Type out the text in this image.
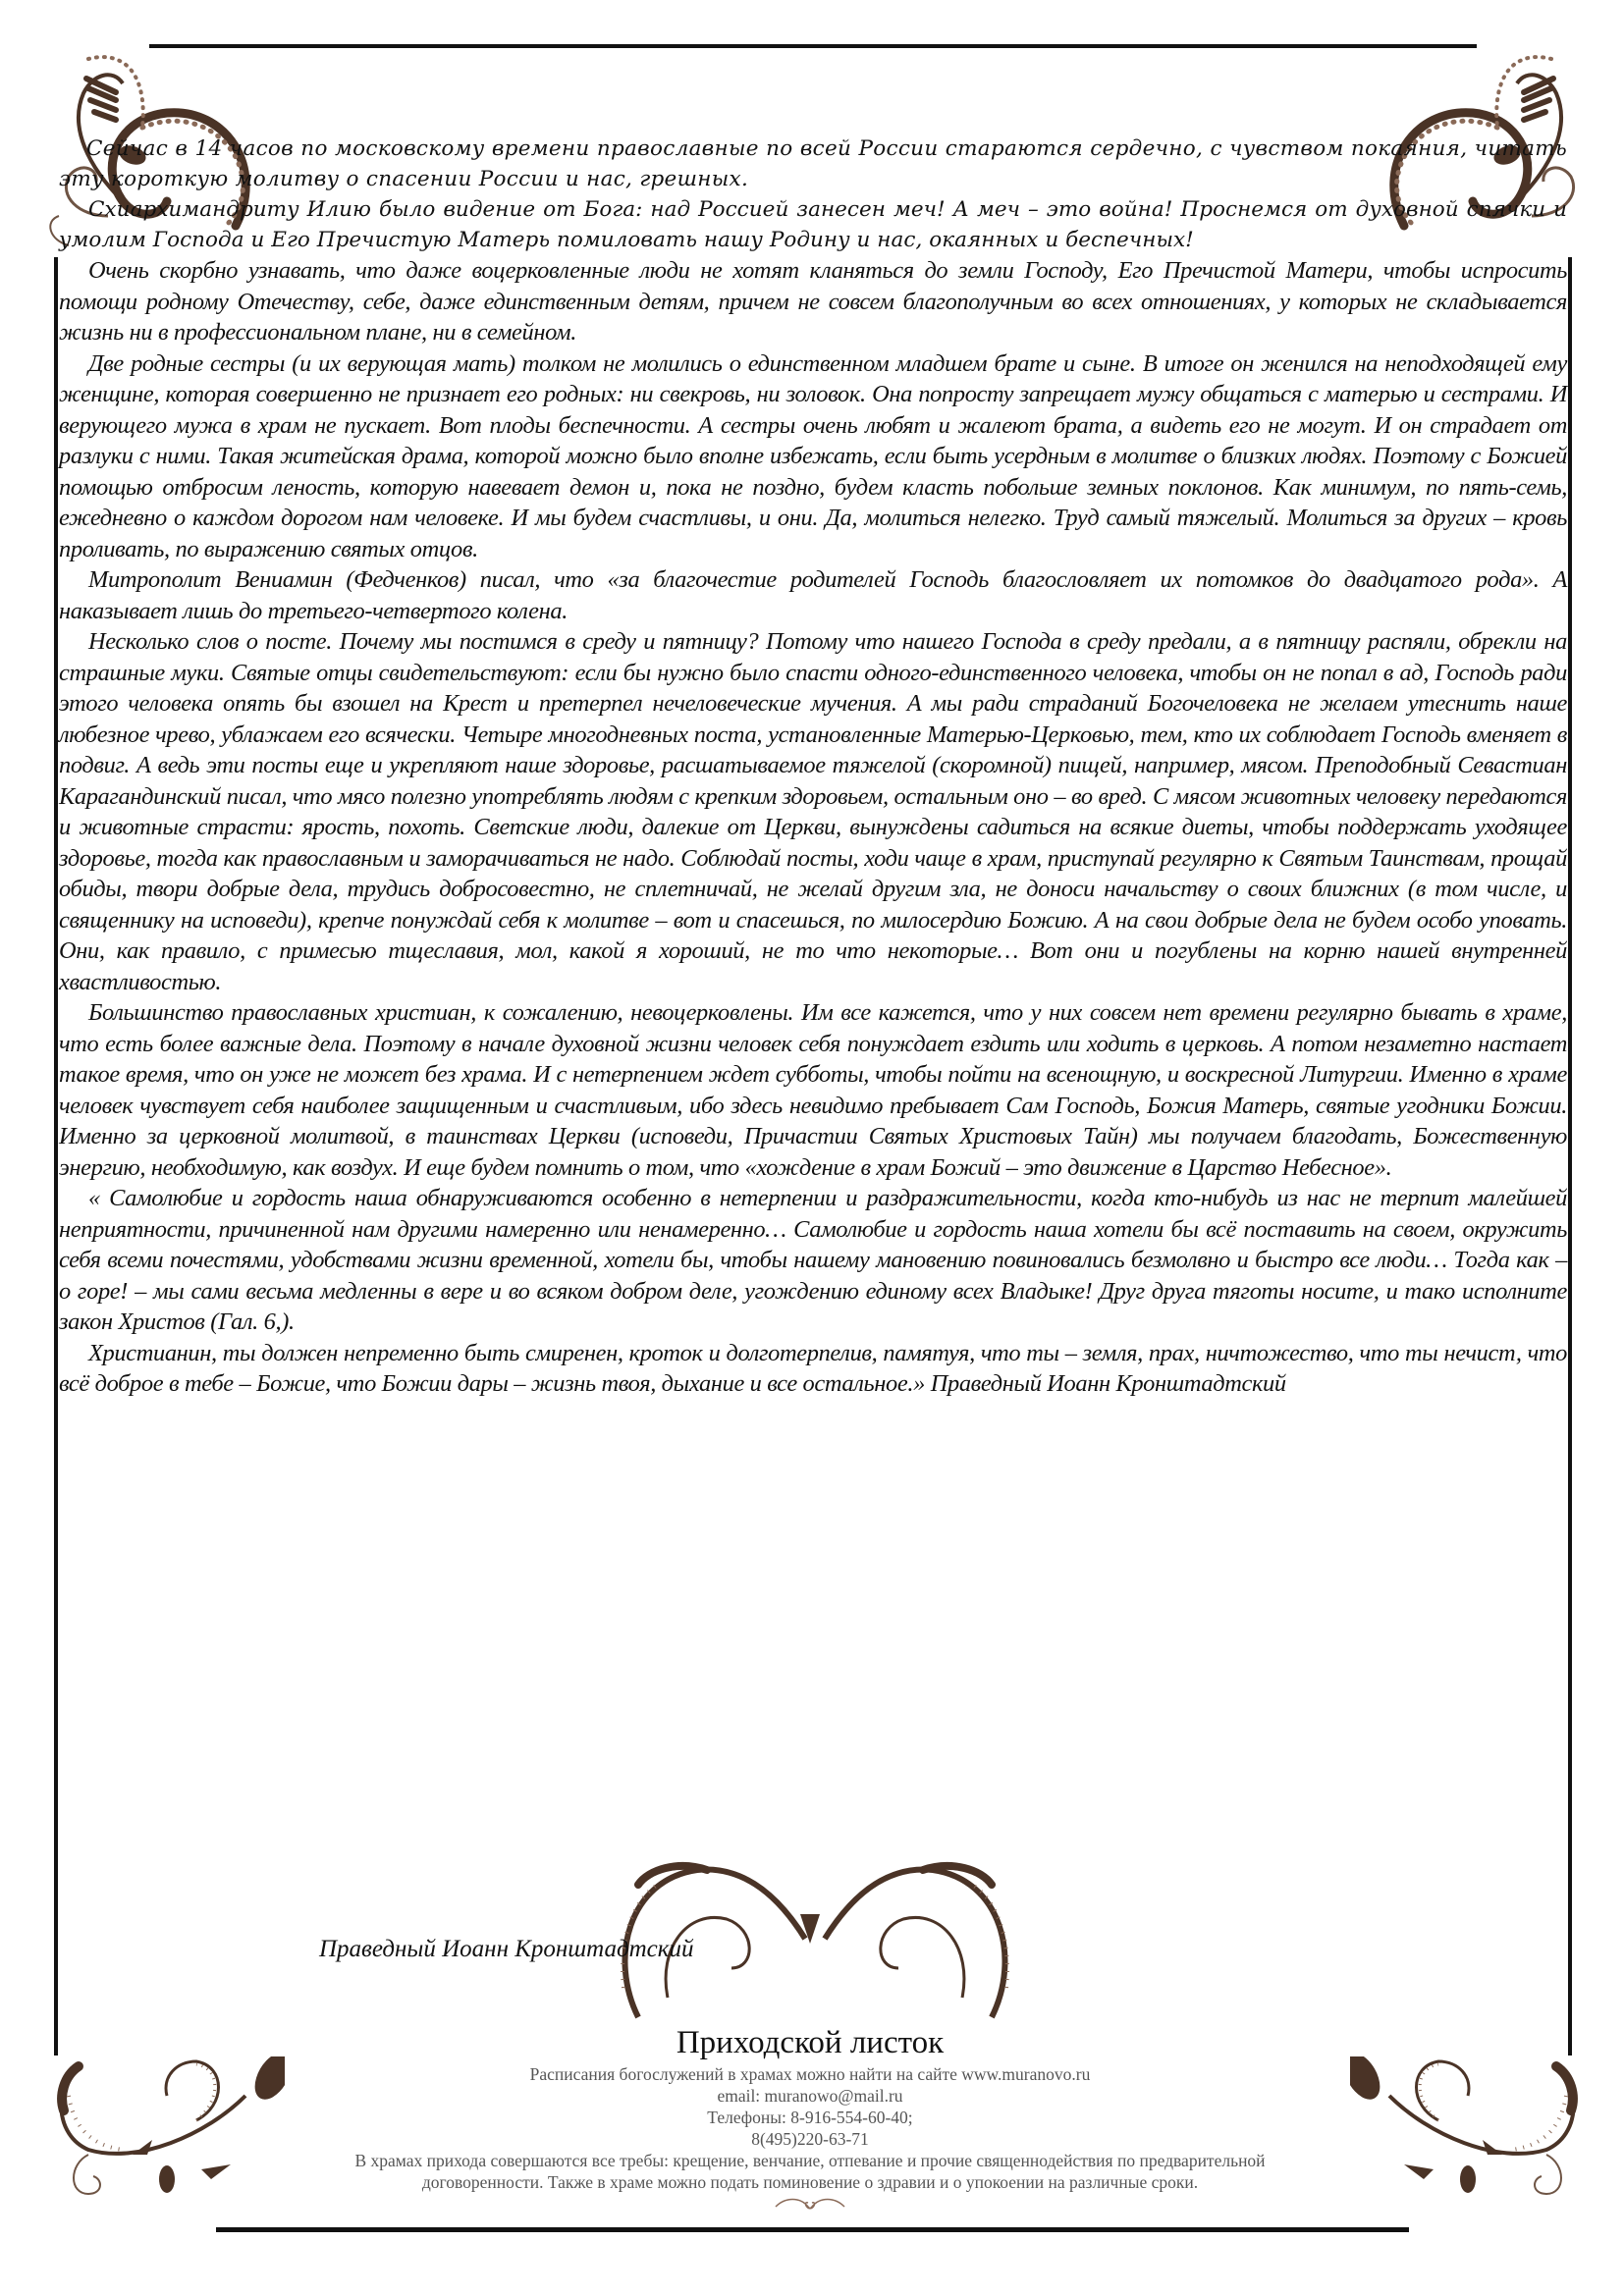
Сейчас в 14 часов по московскому времени православные по всей России стараются сердечно, с чувством покаяния, читать эту короткую молитву о спасении России и нас, грешных.

Схиархимандриту Илию было видение от Бога: над Россией занесен меч! А меч – это война! Проснемся от духовной спячки и умолим Господа и Его Пречистую Матерь помиловать нашу Родину и нас, окаянных и беспечных!

Очень скорбно узнавать, что даже воцерковленные люди не хотят кланяться до земли Господу, Его Пречистой Матери, чтобы испросить помощи родному Отечеству, себе, даже единственным детям, причем не совсем благополучным во всех отношениях, у которых не складывается жизнь ни в профессиональном плане, ни в семейном.

Две родные сестры (и их верующая мать) толком не молились о единственном младшем брате и сыне. В итоге он женился на неподходящей ему женщине, которая совершенно не признает его родных: ни свекровь, ни золовок. Она попросту запрещает мужу общаться с матерью и сестрами. И верующего мужа в храм не пускает. Вот плоды беспечности. А сестры очень любят и жалеют брата, а видеть его не могут. И он страдает от разлуки с ними. Такая житейская драма, которой можно было вполне избежать, если быть усердным в молитве о близких людях. Поэтому с Божией помощью отбросим леность, которую навевает демон и, пока не поздно, будем класть побольше земных поклонов. Как минимум, по пять-семь, ежедневно о каждом дорогом нам человеке. И мы будем счастливы, и они. Да, молиться нелегко. Труд самый тяжелый. Молиться за других – кровь проливать, по выражению святых отцов.

Митрополит Вениамин (Федченков) писал, что «за благочестие родителей Господь благословляет их потомков до двадцатого рода». А наказывает лишь до третьего-четвертого колена.

Несколько слов о посте. Почему мы постимся в среду и пятницу? Потому что нашего Господа в среду предали, а в пятницу распяли, обрекли на страшные муки. Святые отцы свидетельствуют: если бы нужно было спасти одного-единственного человека, чтобы он не попал в ад, Господь ради этого человека опять бы взошел на Крест и претерпел нечеловеческие мучения. А мы ради страданий Богочеловека не желаем утеснить наше любезное чрево, ублажаем его всячески. Четыре многодневных поста, установленные Матерью-Церковью, тем, кто их соблюдает Господь вменяет в подвиг. А ведь эти посты еще и укрепляют наше здоровье, расшатываемое тяжелой (скоромной) пищей, например, мясом. Преподобный Севастиан Карагандинский писал, что мясо полезно употреблять людям с крепким здоровьем, остальным оно – во вред. С мясом животных человеку передаются и животные страсти: ярость, похоть. Светские люди, далекие от Церкви, вынуждены садиться на всякие диеты, чтобы поддержать уходящее здоровье, тогда как православным и заморачиваться не надо. Соблюдай посты, ходи чаще в храм, приступай регулярно к Святым Таинствам, прощай обиды, твори добрые дела, трудись добросовестно, не сплетничай, не желай другим зла, не доноси начальству о своих ближних (в том числе, и священнику на исповеди), крепче понуждай себя к молитве – вот и спасешься, по милосердию Божию. А на свои добрые дела не будем особо уповать. Они, как правило, с примесью тщеславия, мол, какой я хороший, не то что некоторые… Вот они и погублены на корню нашей внутренней хвастливостью.

Большинство православных христиан, к сожалению, невоцерковлены. Им все кажется, что у них совсем нет времени регулярно бывать в храме, что есть более важные дела. Поэтому в начале духовной жизни человек себя понуждает ездить или ходить в церковь. А потом незаметно настает такое время, что он уже не может без храма. И с нетерпением ждет субботы, чтобы пойти на всенощную, и воскресной Литургии. Именно в храме человек чувствует себя наиболее защищенным и счастливым, ибо здесь невидимо пребывает Сам Господь, Божия Матерь, святые угодники Божии. Именно за церковной молитвой, в таинствах Церкви (исповеди, Причастии Святых Христовых Тайн) мы получаем благодать, Божественную энергию, необходимую, как воздух. И еще будем помнить о том, что «хождение в храм Божий – это движение в Царство Небесное».

« Самолюбие и гордость наша обнаруживаются особенно в нетерпении и раздражительности, когда кто-нибудь из нас не терпит малейшей неприятности, причиненной нам другими намеренно или ненамеренно… Самолюбие и гордость наша хотели бы всё поставить на своем, окружить себя всеми почестями, удобствами жизни временной, хотели бы, чтобы нашему мановению повиновались безмолвно и быстро все люди… Тогда как – о горе! – мы сами весьма медленны в вере и во всяком добром деле, угождению единому всех Владыке! Друг друга тяготы носите, и тако исполните закон Христов (Гал. 6,).

Христианин, ты должен непременно быть смиренен, кроток и долготерпелив, памятуя, что ты – земля, прах, ничтожество, что ты нечист, что всё доброе в тебе – Божие, что Божии дары – жизнь твоя, дыхание и все остальное.» Праведный Иоанн Кронштадтский

Праведный Иоанн Кронштадтский
Приходской листок
Расписания богослужений в храмах можно найти на сайте www.muranovo.ru
email: muranowo@mail.ru
Телефоны: 8-916-554-60-40;
8(495)220-63-71
В храмах прихода совершаются все требы: крещение, венчание, отпевание и прочие священнодействия по предварительной
договоренности. Также в храме можно подать поминовение о здравии и о упокоении на различные сроки.
